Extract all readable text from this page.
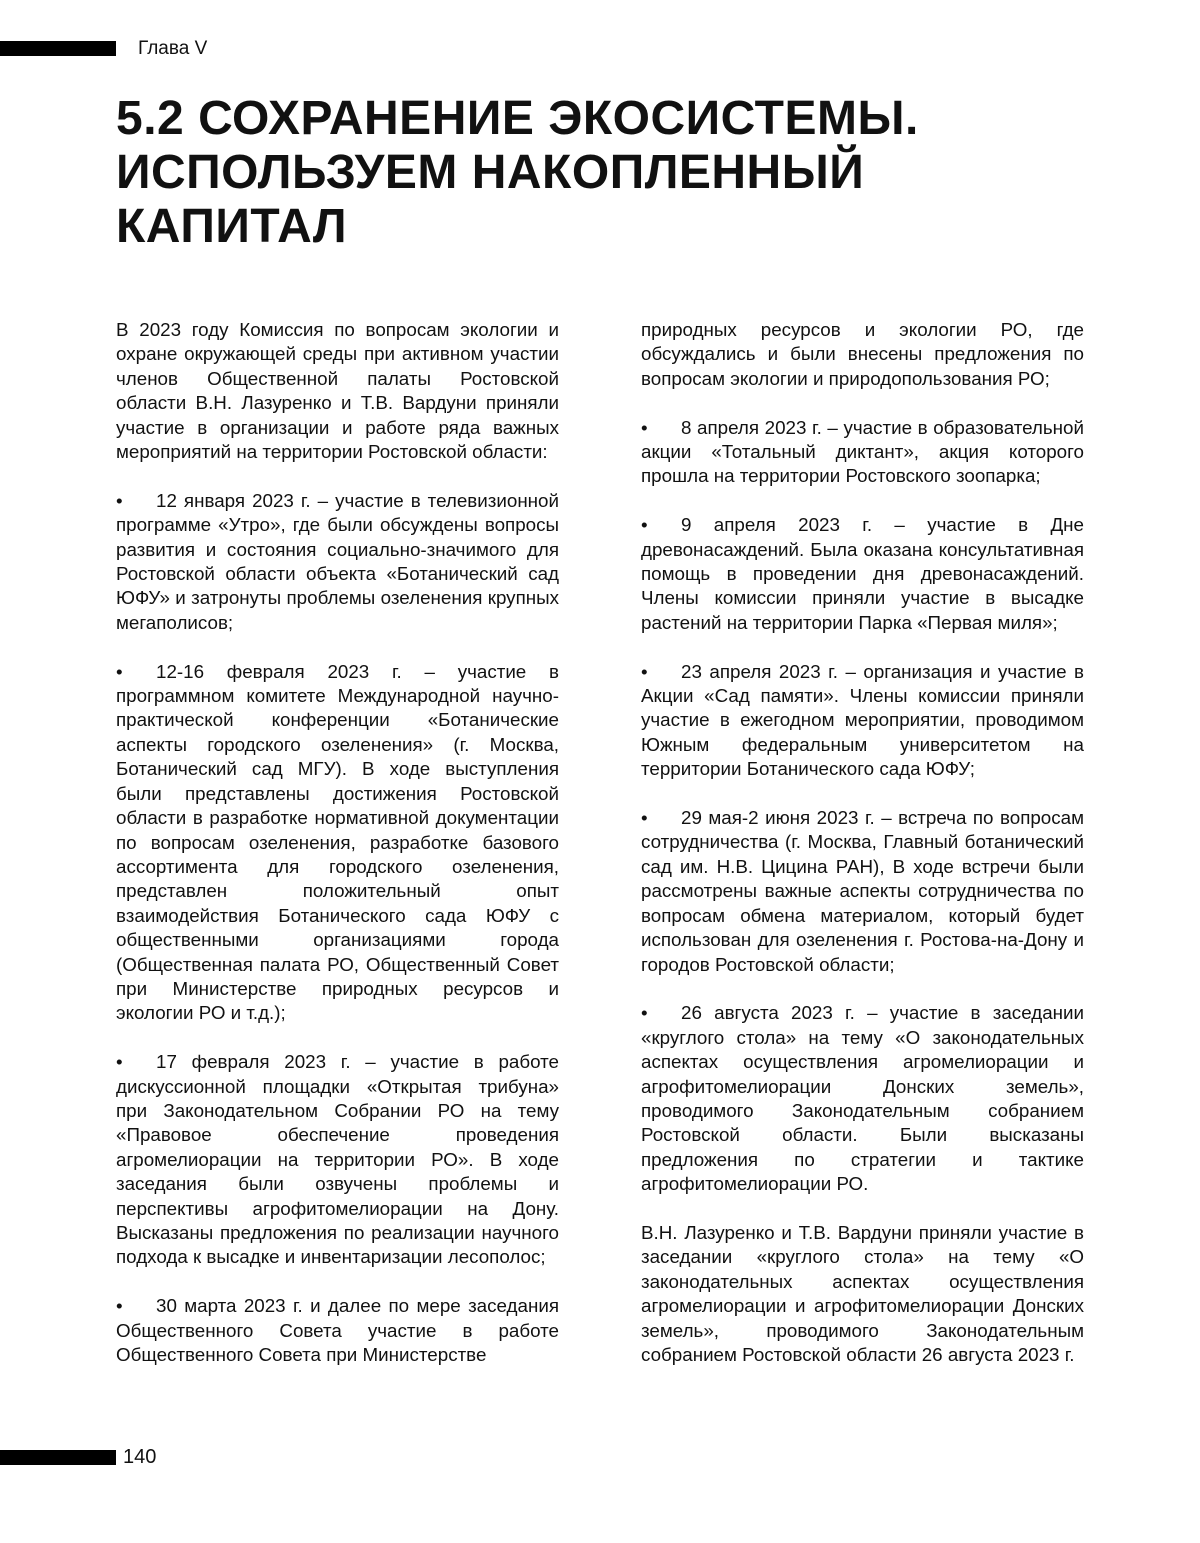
Глава V
5.2 СОХРАНЕНИЕ ЭКОСИСТЕМЫ.
ИСПОЛЬЗУЕМ НАКОПЛЕННЫЙ
КАПИТАЛ

В 2023 году Комиссия по вопросам экологии и охране окружающей среды при активном участии членов Общественной палаты Ростовской области В.Н. Лазуренко и Т.В. Вардуни приняли участие в организации и работе ряда важных мероприятий на территории Ростовской области:

• 12 января 2023 г. – участие в телевизионной программе «Утро», где были обсуждены вопросы развития и состояния социально-значимого для Ростовской области объекта «Ботанический сад ЮФУ» и затронуты проблемы озеленения крупных мегаполисов;

• 12-16 февраля 2023 г. – участие в программном комитете Международной научно-практической конференции «Ботанические аспекты городского озеленения» (г. Москва, Ботанический сад МГУ). В ходе выступления были представлены достижения Ростовской области в разработке нормативной документации по вопросам озеленения, разработке базового ассортимента для городского озеленения, представлен положительный опыт взаимодействия Ботанического сада ЮФУ с общественными организациями города (Общественная палата РО, Общественный Совет при Министерстве природных ресурсов и экологии РО и т.д.);

• 17 февраля 2023 г. – участие в работе дискуссионной площадки «Открытая трибуна» при Законодательном Собрании РО на тему «Правовое обеспечение проведения агромелиорации на территории РО». В ходе заседания были озвучены проблемы и перспективы агрофитомелиорации на Дону. Высказаны предложения по реализации научного подхода к высадке и инвентаризации лесополос;

• 30 марта 2023 г. и далее по мере заседания Общественного Совета участие в работе Общественного Совета при Министерстве

природных ресурсов и экологии РО, где обсуждались и были внесены предложения по вопросам экологии и природопользования РО;

• 8 апреля 2023 г. – участие в образовательной акции «Тотальный диктант», акция которого прошла на территории Ростовского зоопарка;

• 9 апреля 2023 г. – участие в Дне древонасаждений. Была оказана консультативная помощь в проведении дня древонасаждений. Члены комиссии приняли участие в высадке растений на территории Парка «Первая миля»;

• 23 апреля 2023 г. – организация и участие в Акции «Сад памяти». Члены комиссии приняли участие в ежегодном мероприятии, проводимом Южным федеральным университетом на территории Ботанического сада ЮФУ;

• 29 мая-2 июня 2023 г. – встреча по вопросам сотрудничества (г. Москва, Главный ботанический сад им. Н.В. Цицина РАН), В ходе встречи были рассмотрены важные аспекты сотрудничества по вопросам обмена материалом, который будет использован для озеленения г. Ростова-на-Дону и городов Ростовской области;

• 26 августа 2023 г. – участие в заседании «круглого стола» на тему «О законодательных аспектах осуществления агромелиорации и агрофитомелиорации Донских земель», проводимого Законодательным собранием Ростовской области. Были высказаны предложения по стратегии и тактике агрофитомелиорации РО.

В.Н. Лазуренко и Т.В. Вардуни приняли участие в заседании «круглого стола» на тему «О законодательных аспектах осуществления агромелиорации и агрофитомелиорации Донских земель», проводимого Законодательным собранием Ростовской области 26 августа 2023 г.

140
